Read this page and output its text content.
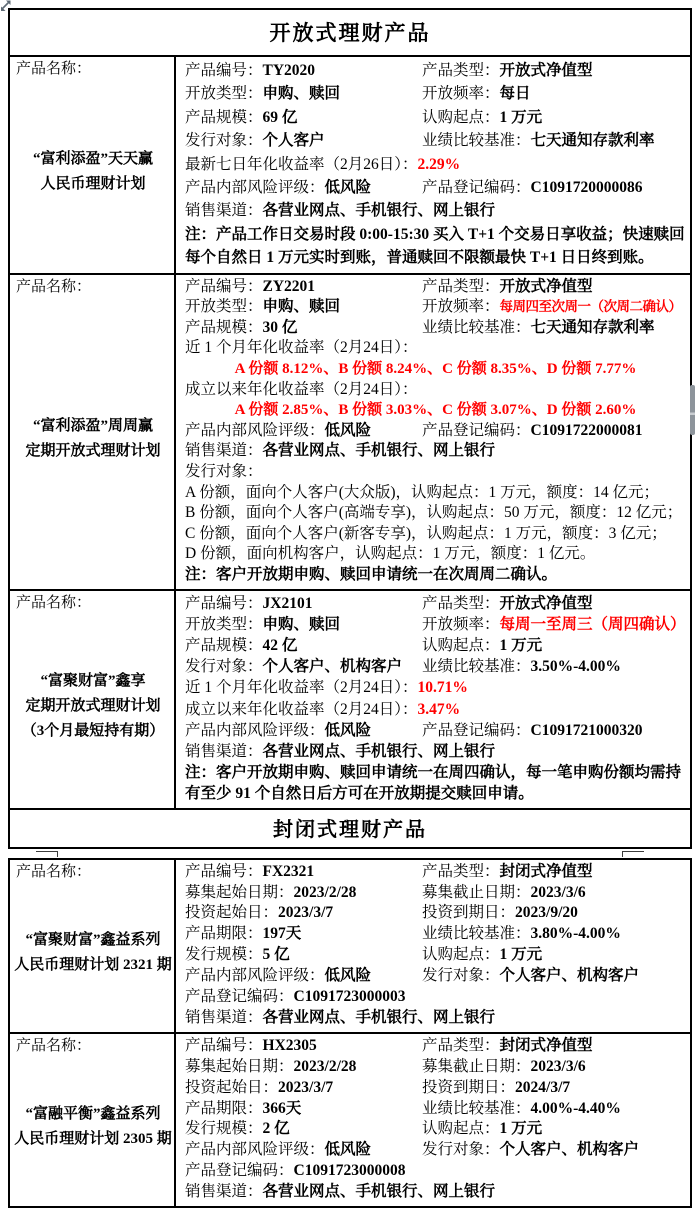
开放式理财产品
产品名称：
“富利添盈”天天赢
人民币理财计划
产品编号：TY2020	产品类型：开放式净值型
开放类型：申购、赎回	开放频率：每日
产品规模：69 亿	认购起点：1 万元
发行对象：个人客户	业绩比较基准：七天通知存款利率
最新七日年化收益率（2月26日）：2.29%
产品内部风险评级：低风险	产品登记编码：C1091720000086
销售渠道：各营业网点、手机银行、网上银行
注：产品工作日交易时段 0:00-15:30 买入 T+1 个交易日享收益；快速赎回每个自然日 1 万元实时到账，普通赎回不限额最快 T+1 日日终到账。
产品名称：
“富利添盈”周周赢
定期开放式理财计划
产品编号：ZY2201	产品类型：开放式净值型
开放类型：申购、赎回	开放频率：每周四至次周一（次周二确认）
产品规模：30 亿	业绩比较基准：七天通知存款利率
近 1 个月年化收益率（2月24日）：
A 份额 8.12%、B 份额 8.24%、C 份额 8.35%、D 份额 7.77%
成立以来年化收益率（2月24日）：
A 份额 2.85%、B 份额 3.03%、C 份额 3.07%、D 份额 2.60%
产品内部风险评级：低风险	产品登记编码：C1091722000081
销售渠道：各营业网点、手机银行、网上银行
发行对象：
A 份额，面向个人客户(大众版)，认购起点：1 万元，额度：14 亿元；
B 份额，面向个人客户(高端专享)，认购起点：50 万元，额度：12 亿元；
C 份额，面向个人客户(新客专享)，认购起点：1 万元，额度：3 亿元；
D 份额，面向机构客户，认购起点：1 万元，额度：1 亿元。
注：客户开放期申购、赎回申请统一在次周周二确认。
产品名称：
“富聚财富”鑫享
定期开放式理财计划
（3个月最短持有期）
产品编号：JX2101	产品类型：开放式净值型
开放类型：申购、赎回	开放频率：每周一至周三（周四确认）
产品规模：42 亿	认购起点：1 万元
发行对象：个人客户、机构客户	业绩比较基准：3.50%-4.00%
近 1 个月年化收益率（2月24日）：10.71%
成立以来年化收益率（2月24日）：3.47%
产品内部风险评级：低风险	产品登记编码：C1091721000320
销售渠道：各营业网点、手机银行、网上银行
注：客户开放期申购、赎回申请统一在周四确认，每一笔申购份额均需持有至少 91 个自然日后方可在开放期提交赎回申请。
封闭式理财产品
产品名称：
“富聚财富”鑫益系列
人民币理财计划 2321 期
产品编号：FX2321	产品类型：封闭式净值型
募集起始日期：2023/2/28	募集截止日期：2023/3/6
投资起始日：2023/3/7	投资到期日：2023/9/20
产品期限：197天	业绩比较基准：3.80%-4.00%
发行规模：5 亿	认购起点：1 万元
产品内部风险评级：低风险	发行对象：个人客户、机构客户
产品登记编码：C1091723000003
销售渠道：各营业网点、手机银行、网上银行
产品名称：
“富融平衡”鑫益系列
人民币理财计划 2305 期
产品编号：HX2305	产品类型：封闭式净值型
募集起始日期：2023/2/28	募集截止日期：2023/3/6
投资起始日：2023/3/7	投资到期日：2024/3/7
产品期限：366天	业绩比较基准：4.00%-4.40%
发行规模：2 亿	认购起点：1 万元
产品内部风险评级：低风险	发行对象：个人客户、机构客户
产品登记编码：C1091723000008
销售渠道：各营业网点、手机银行、网上银行
